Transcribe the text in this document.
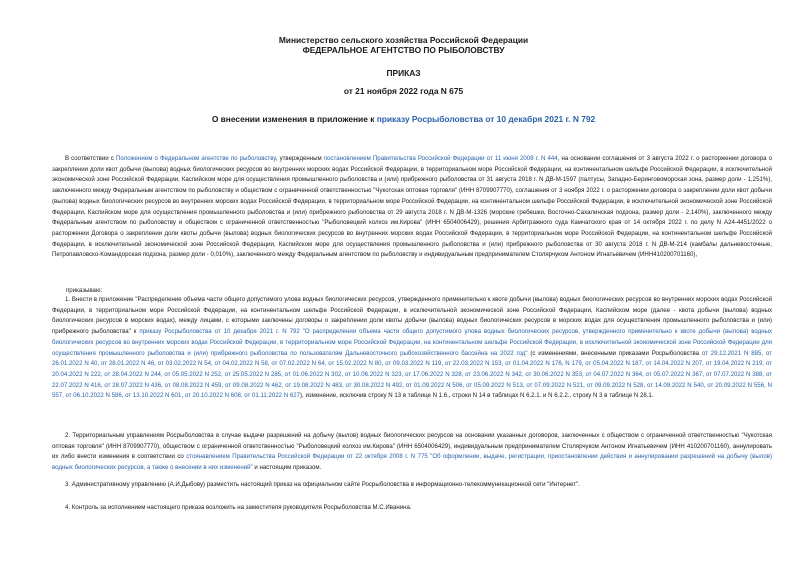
Министерство сельского хозяйства Российской Федерации
ФЕДЕРАЛЬНОЕ АГЕНТСТВО ПО РЫБОЛОВСТВУ
ПРИКАЗ
от 21 ноября 2022 года N 675
О внесении изменения в приложение к приказу Росрыболовства от 10 декабря 2021 г. N 792

В соответствии с Положением о Федеральном агентстве по рыболовству, утвержденным постановлением Правительства Российской Федерации от 11 июня 2008 г. N 444, на основании соглашения от 3 августа 2022 г. о расторжении договора о закреплении доли квот добычи (вылова) водных биологических ресурсов во внутренних морских водах Российской Федерации, в территориальном море Российской Федерации, на континентальном шельфе Российской Федерации, в исключительной экономической зоне Российской Федерации, Каспийском море для осуществления промышленного рыболовства и (или) прибрежного рыболовства от 31 августа 2018 г. N ДВ-М-1597 (палтусы, Западно-Беринговоморская зона, размер доли - 1,251%), заключенного между Федеральным агентством по рыболовству и обществом с ограниченной ответственностью "Чукотская оптовая торговля" (ИНН 8709907770), соглашения от 3 ноября 2022 г. о расторжении договора о закреплении доли квот добычи (вылова) водных биологических ресурсов во внутренних морских водах Российской Федерации, в территориальном море Российской Федерации, на континентальном шельфе Российской Федерации, в исключительной экономической зоне Российской Федерации, Каспийском море для осуществления промышленного рыболовства и (или) прибрежного рыболовства от 29 августа 2018 г. N ДВ-М-1326 (морские гребешки, Восточно-Сахалинская подзона, размер доли - 2,140%), заключенного между Федеральным агентством по рыболовству и обществом с ограниченной ответственностью "Рыболовецкий колхоз им.Кирова" (ИНН 6504006429), решения Арбитражного суда Камчатского края от 14 октября 2022 г. по делу N А24-4451/2022 о расторжении Договора о закреплении доли квоты добычи (вылова) водных биологических ресурсов во внутренних морских водах Российской Федерации, в территориальном море Российской Федерации, на континентальном шельфе Российской Федерации, в исключительной экономической зоне Российской Федерации, Каспийском море для осуществления промышленного рыболовства и (или) прибрежного рыболовства от 30 августа 2018 г. N ДВ-М-214 (камбалы дальневосточные, Петропавловско-Командорская подзона, размер доли - 0,010%), заключенного между Федеральным агентством по рыболовству и индивидуальным предпринимателем Столярчуком Антоном Игнатьевичем (ИНН410200701160),

приказываю:

1. Внести в приложение "Распределение объема части общего допустимого улова водных биологических ресурсов, утвержденного применительно к квоте добычи (вылова) водных биологических ресурсов во внутренних морских водах Российской Федерации, в территориальном море Российской Федерации, на континентальном шельфе Российской Федерации, в исключительной экономической зоне Российской Федерации, Каспийском море (далее - квота добычи (вылова) водных биологических ресурсов в морских водах), между лицами, с которыми заключены договоры о закреплении доли квоты добычи (вылова) водных биологических ресурсов в морских водах для осуществления промышленного рыболовства и (или) прибрежного рыболовства" к приказу Росрыболовства от 10 декабря 2021 г. N 792 "О распределении объема части общего допустимого улова водных биологических ресурсов, утвержденного применительно к квоте добычи (вылова) водных биологических ресурсов во внутренних морских водах Российской Федерации, в территориальном море Российской Федерации, на континентальном шельфе Российской Федерации, в исключительной экономической зоне Российской Федерации для осуществления промышленного рыболовства и (или) прибрежного рыболовства по пользователям Дальневосточного рыбохозяйственного бассейна на 2022 год" (с изменениями, внесенными приказами Росрыболовства от 29.12.2021 N 885, от 26.01.2022 N 40, от 28.01.2022 N 46, от 03.02.2022 N 54, от 04.02.2022 N 58, от 07.02.2022 N 64, от 15.02.2022 N 80, от 09.03.2022 N 119, от 22.03.2022 N 153, от 01.04.2022 N 176, N 179, от 05.04.2022 N 187, от 14.04.2022 N 207, от 19.04.2022 N 219, от 20.04.2022 N 222, от 28.04.2022 N 244, от 05.05.2022 N 252, от 25.05.2022 N 285, от 01.06.2022 N 302, от 10.06.2022 N 323, от 17.06.2022 N 328, от 23.06.2022 N 342, от 30.06.2022 N 353, от 04.07.2022 N 364, от 05.07.2022 N 367, от 07.07.2022 N 388, от 22.07.2022 N 416, от 28.07.2022 N 436, от 08.08.2022 N 459, от 09.08.2022 N 462, от 19.08.2022 N 483, от 30.08.2022 N 492, от 01.09.2022 N 506, от 05.09.2022 N 513, от 07.09.2022 N 521, от 09.09.2022 N 528, от 14.09.2022 N 540, от 20.09.2022 N 556, N 557, от 06.10.2022 N 586, от 13.10.2022 N 601, от 20.10.2022 N 608, от 01.11.2022 N 627), изменение, исключив строку N 13 в таблице N 1.6., строки N 14 в таблицах N 6.2.1. и N 6.2.2., строку N 3 в таблице N 28.1.

2. Территориальным управлениям Росрыболовства в случае выдачи разрешений на добычу (вылов) водных биологических ресурсов на основании указанных договоров, заключенных с обществом с ограниченной ответственностью "Чукотская оптовая торговля" (ИНН 8709907770), обществом с ограниченной ответственностью "Рыболовецкий колхоз им.Кирова" (ИНН 6504006429), индивидуальным предпринимателем Столярчуком Антоном Игнатьевичем (ИНН 410200701160), аннулировать их либо внести изменения в соответствии со стоянавлением Правительства Российской Федерации от 22 октября 2008 г. N 775 "Об оформлении, выдаче, регистрации, приостановлении действия и аннулировании разрешений на добычу (вылов) водных биологических ресурсов, а также о внесении в них изменений" и настоящим приказом.

3. Административному управлению (А.И.Дыбову) разместить настоящий приказ на официальном сайте Росрыболовства в информационно-телекоммуникационной сети "Интернет".

4. Контроль за исполнением настоящего приказа возложить на заместителя руководителя Росрыболовства М.С.Иванина.
